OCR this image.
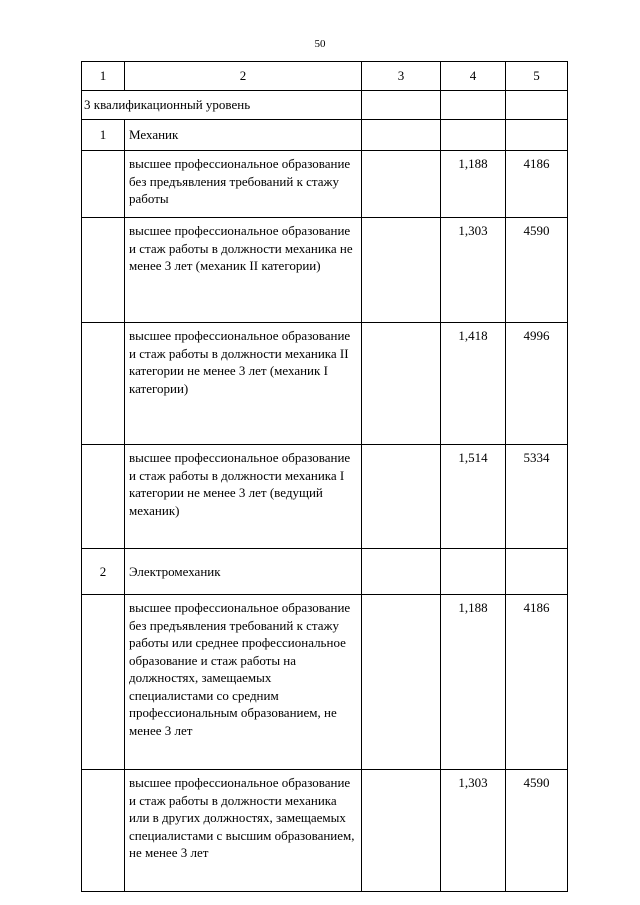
50
1	2	3	4	5
3 квалификационный уровень				
1	Механик			
	высшее профессиональное образование без предъявления требований к стажу работы		1,188	4186
	высшее профессиональное образование и стаж работы в должности механика не менее 3 лет (механик II категории)		1,303	4590
	высшее профессиональное образование и стаж работы в должности механика II категории не менее 3 лет (механик I категории)		1,418	4996
	высшее профессиональное образование и стаж работы в должности механика I категории не менее 3 лет (ведущий механик)		1,514	5334
2	Электромеханик			
	высшее профессиональное образование без предъявления требований к стажу работы или среднее профессиональное образование и стаж работы на должностях, замещаемых специалистами со средним профессиональным образованием, не менее 3 лет		1,188	4186
	высшее профессиональное образование и стаж работы в должности механика или в других должностях, замещаемых специалистами с высшим образованием, не менее 3 лет		1,303	4590
